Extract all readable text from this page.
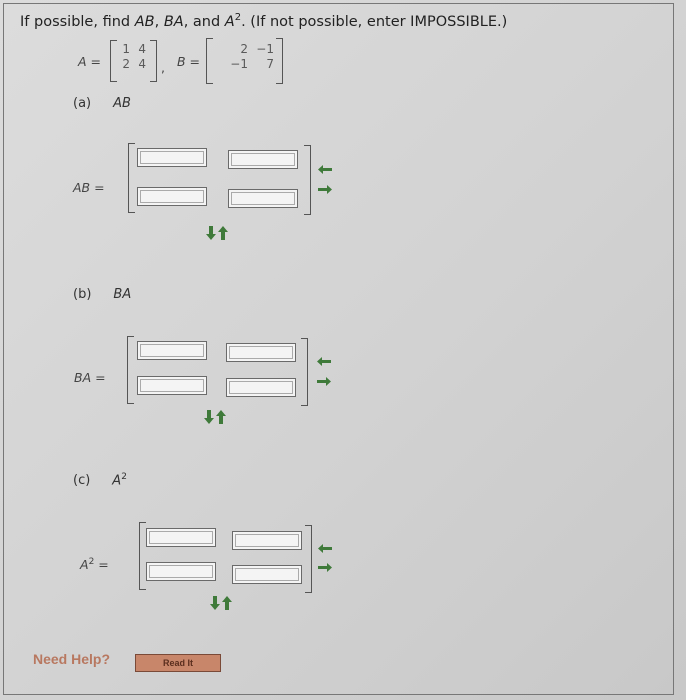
If possible, find AB, BA, and $A^2$. (If not possible, enter IMPOSSIBLE.)
A =
1 4
2 4 , B =
2 −1
−1	7
(a) AB
AB =
(b) BA
BA =
(c) $A^2$
$A^2$ =
Need Help?	Read It
